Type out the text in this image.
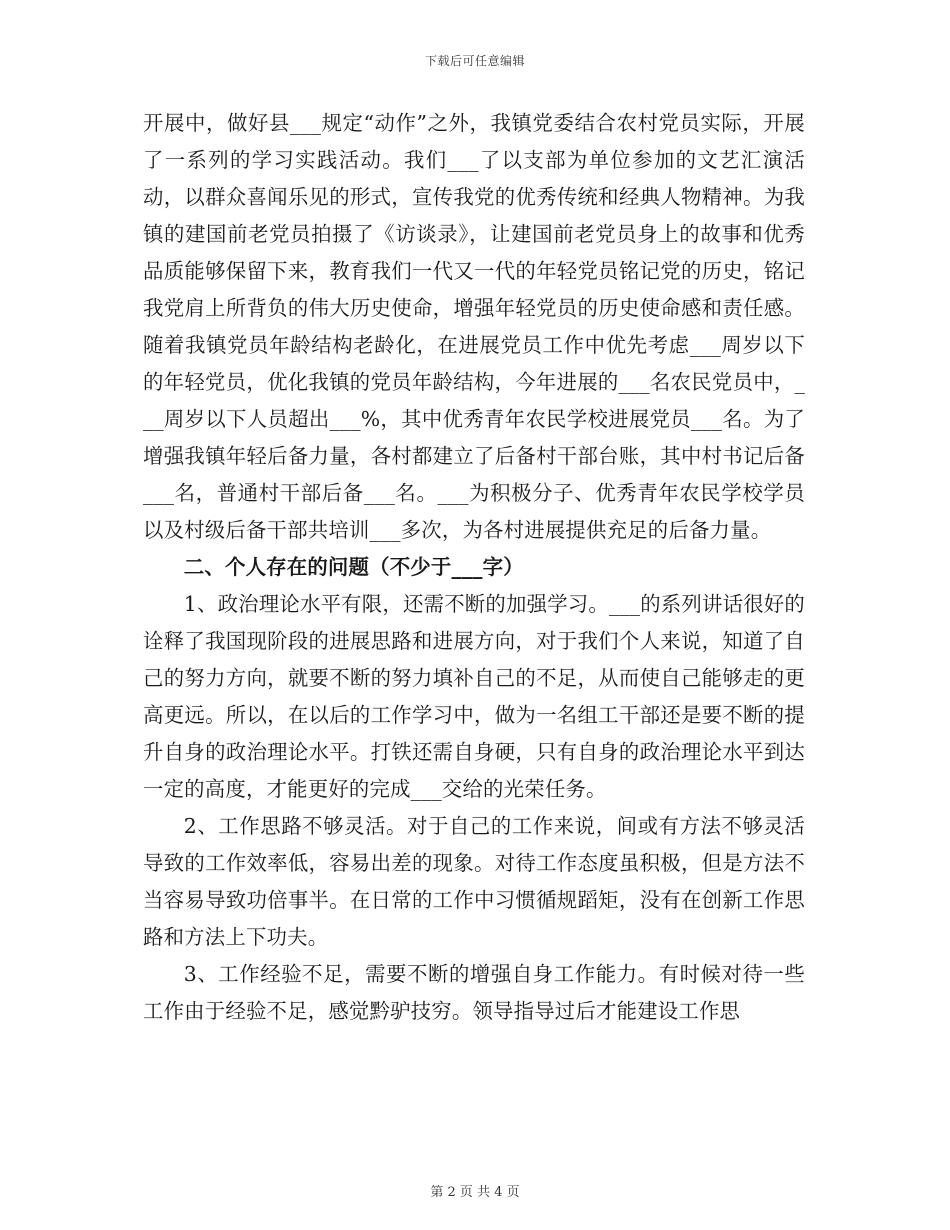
下载后可任意编辑

开展中，做好县___规定“动作”之外，我镇党委结合农村党员实际，开展了一系列的学习实践活动。我们___了以支部为单位参加的文艺汇演活动，以群众喜闻乐见的形式，宣传我党的优秀传统和经典人物精神。为我镇的建国前老党员拍摄了《访谈录》，让建国前老党员身上的故事和优秀品质能够保留下来，教育我们一代又一代的年轻党员铭记党的历史，铭记我党肩上所背负的伟大历史使命，增强年轻党员的历史使命感和责任感。随着我镇党员年龄结构老龄化，在进展党员工作中优先考虑___周岁以下的年轻党员，优化我镇的党员年龄结构，今年进展的___名农民党员中，___周岁以下人员超出___%，其中优秀青年农民学校进展党员___名。为了增强我镇年轻后备力量，各村都建立了后备村干部台账，其中村书记后备___名，普通村干部后备___名。___为积极分子、优秀青年农民学校学员以及村级后备干部共培训___多次，为各村进展提供充足的后备力量。

二、个人存在的问题（不少于___字）

1、政治理论水平有限，还需不断的加强学习。___的系列讲话很好的诠释了我国现阶段的进展思路和进展方向，对于我们个人来说，知道了自己的努力方向，就要不断的努力填补自己的不足，从而使自己能够走的更高更远。所以，在以后的工作学习中，做为一名组工干部还是要不断的提升自身的政治理论水平。打铁还需自身硬，只有自身的政治理论水平到达一定的高度，才能更好的完成___交给的光荣任务。

2、工作思路不够灵活。对于自己的工作来说，间或有方法不够灵活导致的工作效率低，容易出差的现象。对待工作态度虽积极，但是方法不当容易导致功倍事半。在日常的工作中习惯循规蹈矩，没有在创新工作思路和方法上下功夫。

3、工作经验不足，需要不断的增强自身工作能力。有时候对待一些工作由于经验不足，感觉黔驴技穷。领导指导过后才能建设工作思

第 2 页 共 4 页
